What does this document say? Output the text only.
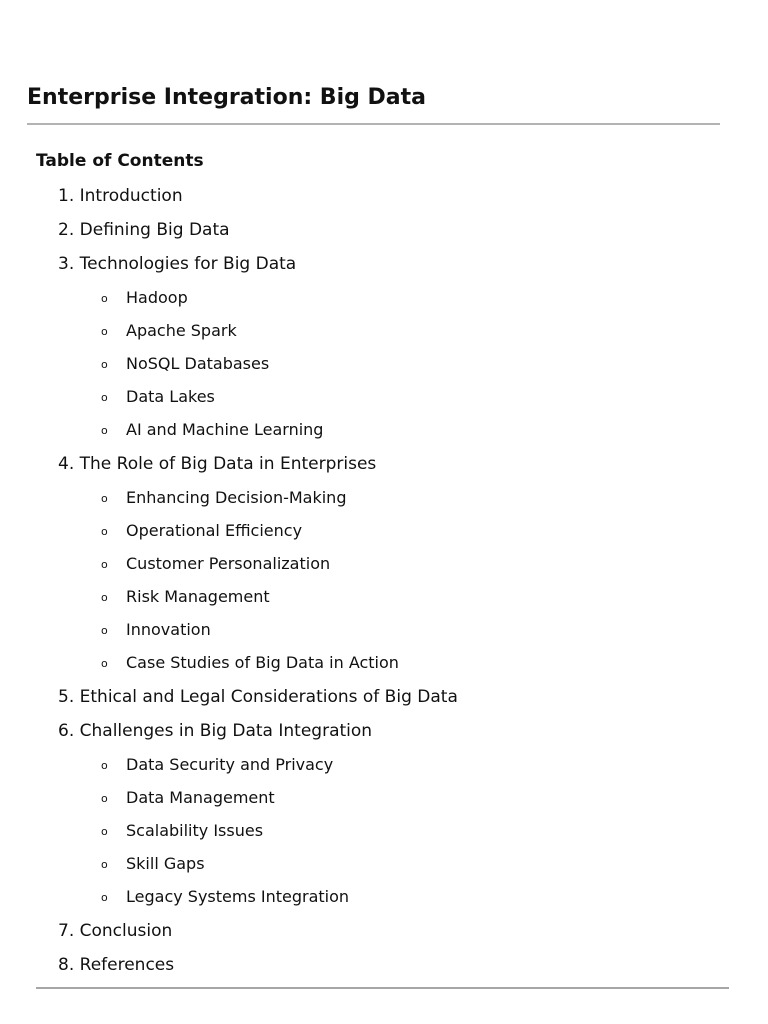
Enterprise Integration: Big Data
Table of Contents
1. Introduction
2. Defining Big Data
3. Technologies for Big Data
o Hadoop
o Apache Spark
o NoSQL Databases
o Data Lakes
o AI and Machine Learning
4. The Role of Big Data in Enterprises
o Enhancing Decision-Making
o Operational Efficiency
o Customer Personalization
o Risk Management
o Innovation
o Case Studies of Big Data in Action
5. Ethical and Legal Considerations of Big Data
6. Challenges in Big Data Integration
o Data Security and Privacy
o Data Management
o Scalability Issues
o Skill Gaps
o Legacy Systems Integration
7. Conclusion
8. References
